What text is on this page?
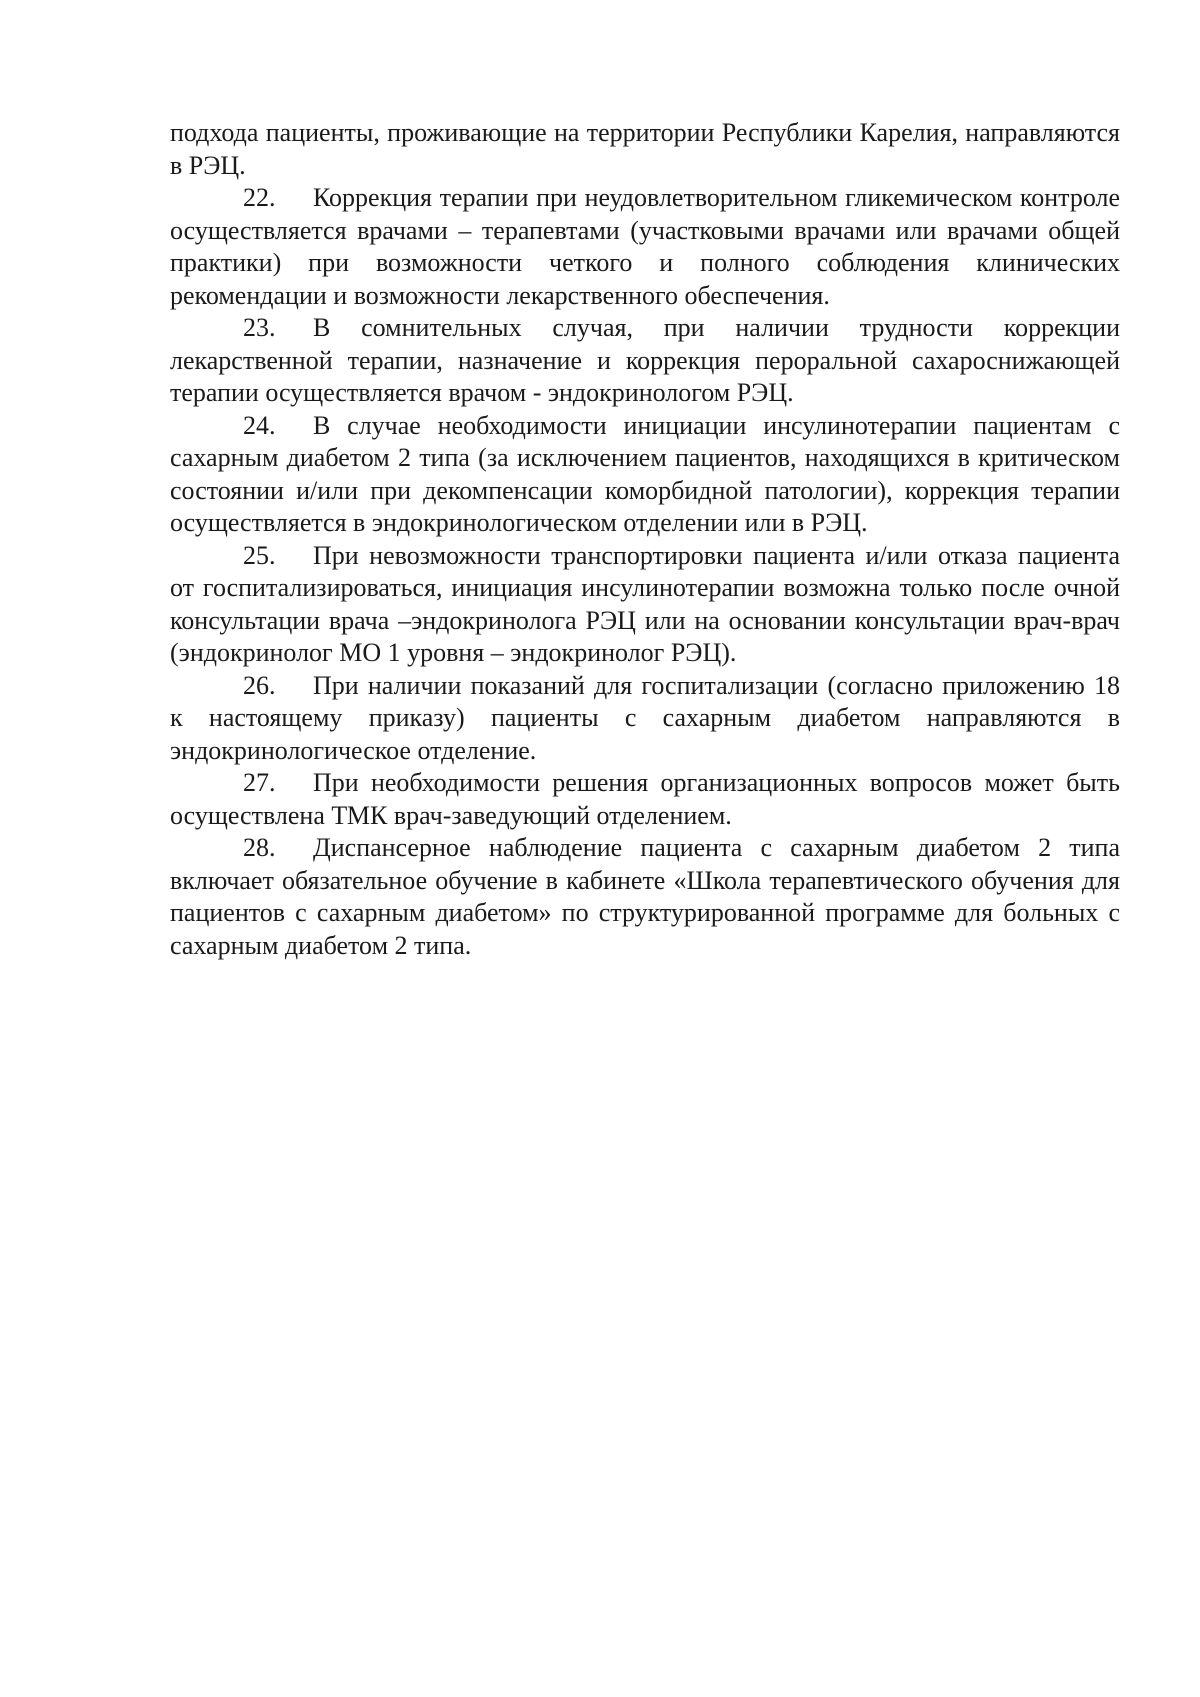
подхода пациенты, проживающие на территории Республики Карелия, направляются в РЭЦ.

22. Коррекция терапии при неудовлетворительном гликемическом контроле осуществляется врачами – терапевтами (участковыми врачами или врачами общей практики) при возможности четкого и полного соблюдения клинических рекомендации и возможности лекарственного обеспечения.

23. В сомнительных случая, при наличии трудности коррекции лекарственной терапии, назначение и коррекция пероральной сахароснижающей терапии осуществляется врачом - эндокринологом РЭЦ.

24. В случае необходимости инициации инсулинотерапии пациентам с сахарным диабетом 2 типа (за исключением пациентов, находящихся в критическом состоянии и/или при декомпенсации коморбидной патологии), коррекция терапии осуществляется в эндокринологическом отделении или в РЭЦ.

25. При невозможности транспортировки пациента и/или отказа пациента от госпитализироваться, инициация инсулинотерапии возможна только после очной консультации врача –эндокринолога РЭЦ или на основании консультации врач-врач (эндокринолог МО 1 уровня – эндокринолог РЭЦ).

26. При наличии показаний для госпитализации (согласно приложению 18 к настоящему приказу) пациенты с сахарным диабетом направляются в эндокринологическое отделение.

27. При необходимости решения организационных вопросов может быть осуществлена ТМК врач-заведующий отделением.

28. Диспансерное наблюдение пациента с сахарным диабетом 2 типа включает обязательное обучение в кабинете «Школа терапевтического обучения для пациентов с сахарным диабетом» по структурированной программе для больных с сахарным диабетом 2 типа.
